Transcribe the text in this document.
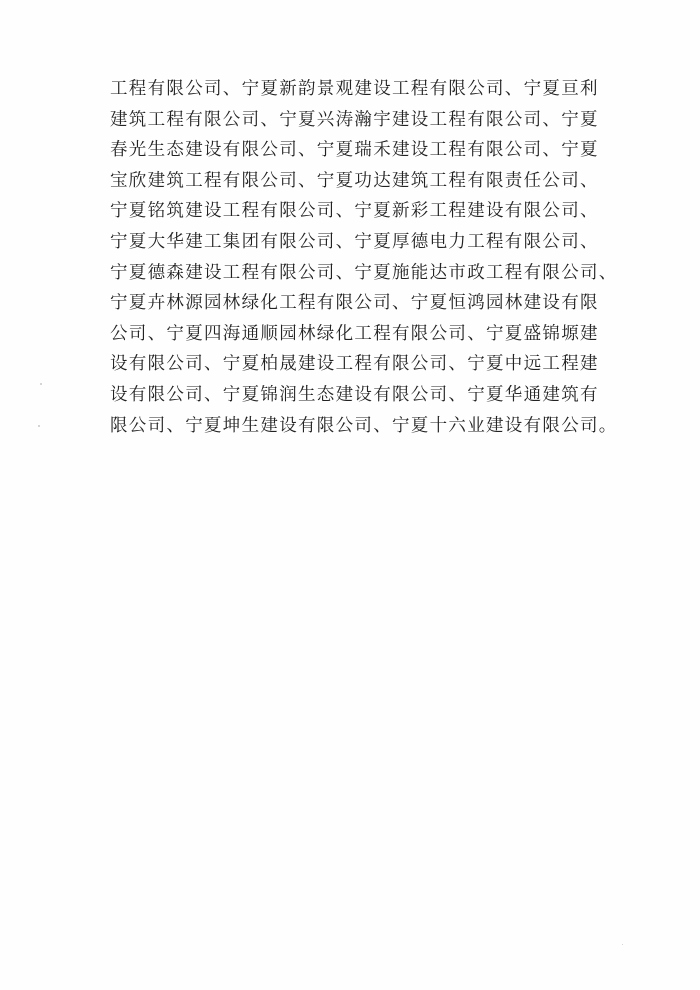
工程有限公司、宁夏新韵景观建设工程有限公司、宁夏亘利
建筑工程有限公司、宁夏兴涛瀚宇建设工程有限公司、宁夏
春光生态建设有限公司、宁夏瑞禾建设工程有限公司、宁夏
宝欣建筑工程有限公司、宁夏功达建筑工程有限责任公司、
宁夏铭筑建设工程有限公司、宁夏新彩工程建设有限公司、
宁夏大华建工集团有限公司、宁夏厚德电力工程有限公司、
宁夏德森建设工程有限公司、宁夏施能达市政工程有限公司、
宁夏卉林源园林绿化工程有限公司、宁夏恒鸿园林建设有限
公司、宁夏四海通顺园林绿化工程有限公司、宁夏盛锦塬建
设有限公司、宁夏柏晟建设工程有限公司、宁夏中远工程建
设有限公司、宁夏锦润生态建设有限公司、宁夏华通建筑有
限公司、宁夏坤生建设有限公司、宁夏十六业建设有限公司。
